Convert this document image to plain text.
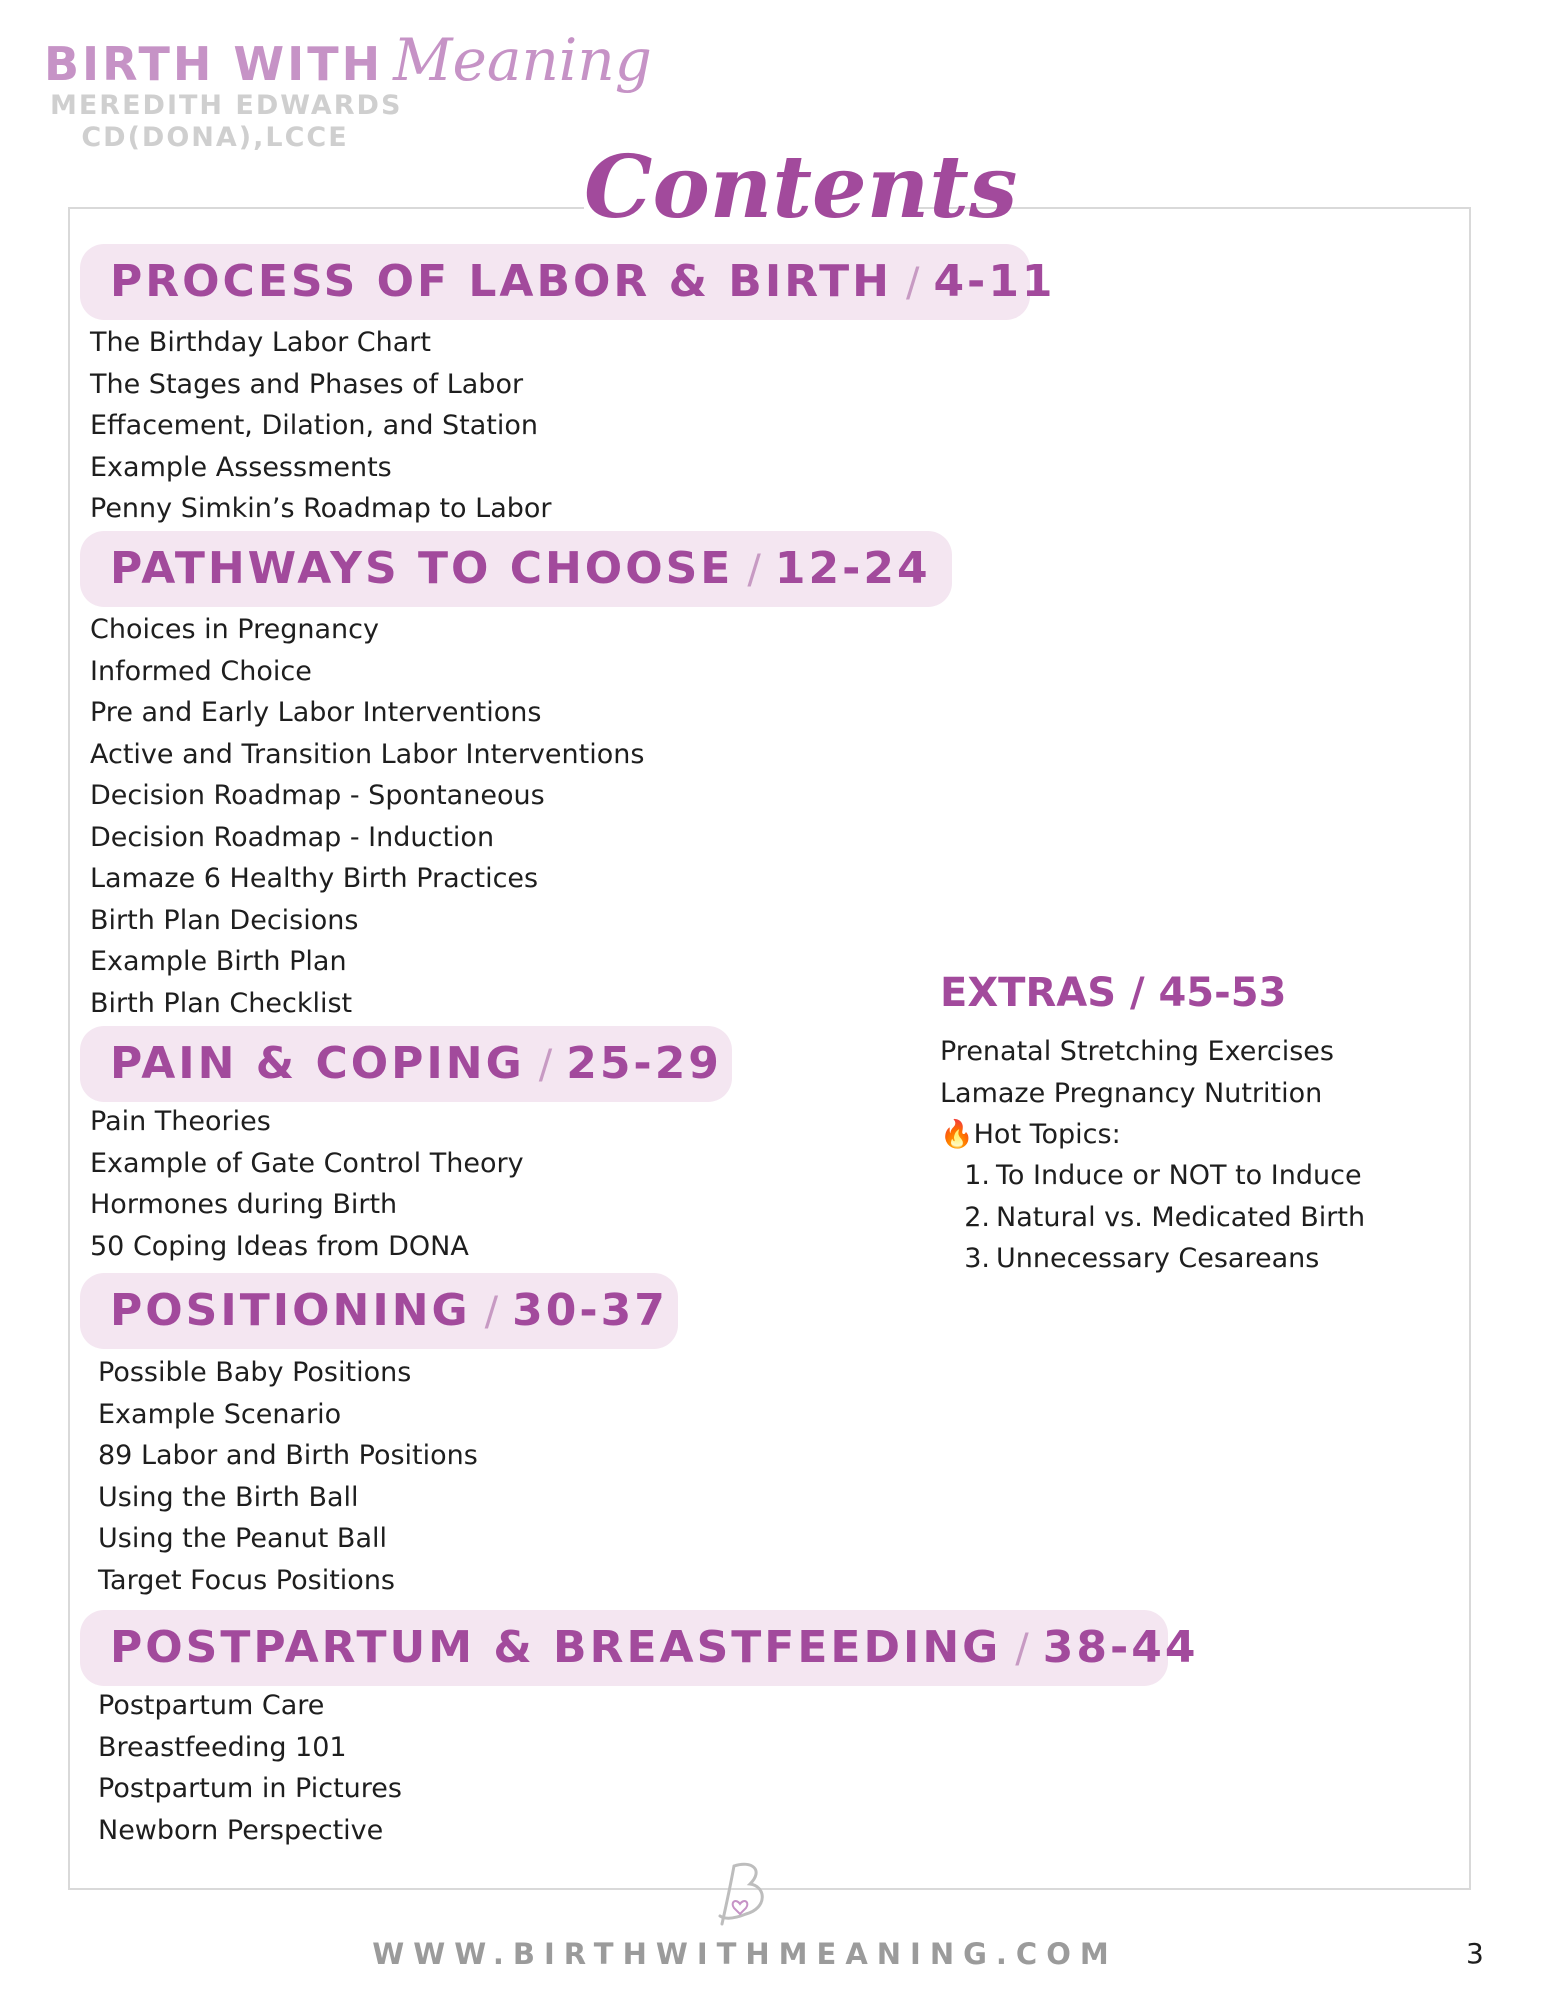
BIRTH WITH Meaning
MEREDITH EDWARDS
CD(DONA),LCCE	Contents
PROCESS OF LABOR & BIRTH / 4-11
The Birthday Labor Chart
The Stages and Phases of Labor
Effacement, Dilation, and Station
Example Assessments
Penny Simkin’s Roadmap to Labor
PATHWAYS TO CHOOSE / 12-24
Choices in Pregnancy
Informed Choice
Pre and Early Labor Interventions
Active and Transition Labor Interventions
Decision Roadmap - Spontaneous
Decision Roadmap - Induction
Lamaze 6 Healthy Birth Practices
Birth Plan Decisions
Example Birth Plan
Birth Plan Checklist
PAIN & COPING / 25-29
Pain Theories
Example of Gate Control Theory
Hormones during Birth
50 Coping Ideas from DONA
POSITIONING / 30-37
Possible Baby Positions
Example Scenario
89 Labor and Birth Positions
Using the Birth Ball
Using the Peanut Ball
Target Focus Positions
POSTPARTUM & BREASTFEEDING / 38-44
Postpartum Care
Breastfeeding 101
Postpartum in Pictures
Newborn Perspective
EXTRAS / 45-53
Prenatal Stretching Exercises
Lamaze Pregnancy Nutrition
🔥Hot Topics:
1. To Induce or NOT to Induce
2. Natural vs. Medicated Birth
3. Unnecessary Cesareans
WWW.BIRTHWITHMEANING.COM	3
